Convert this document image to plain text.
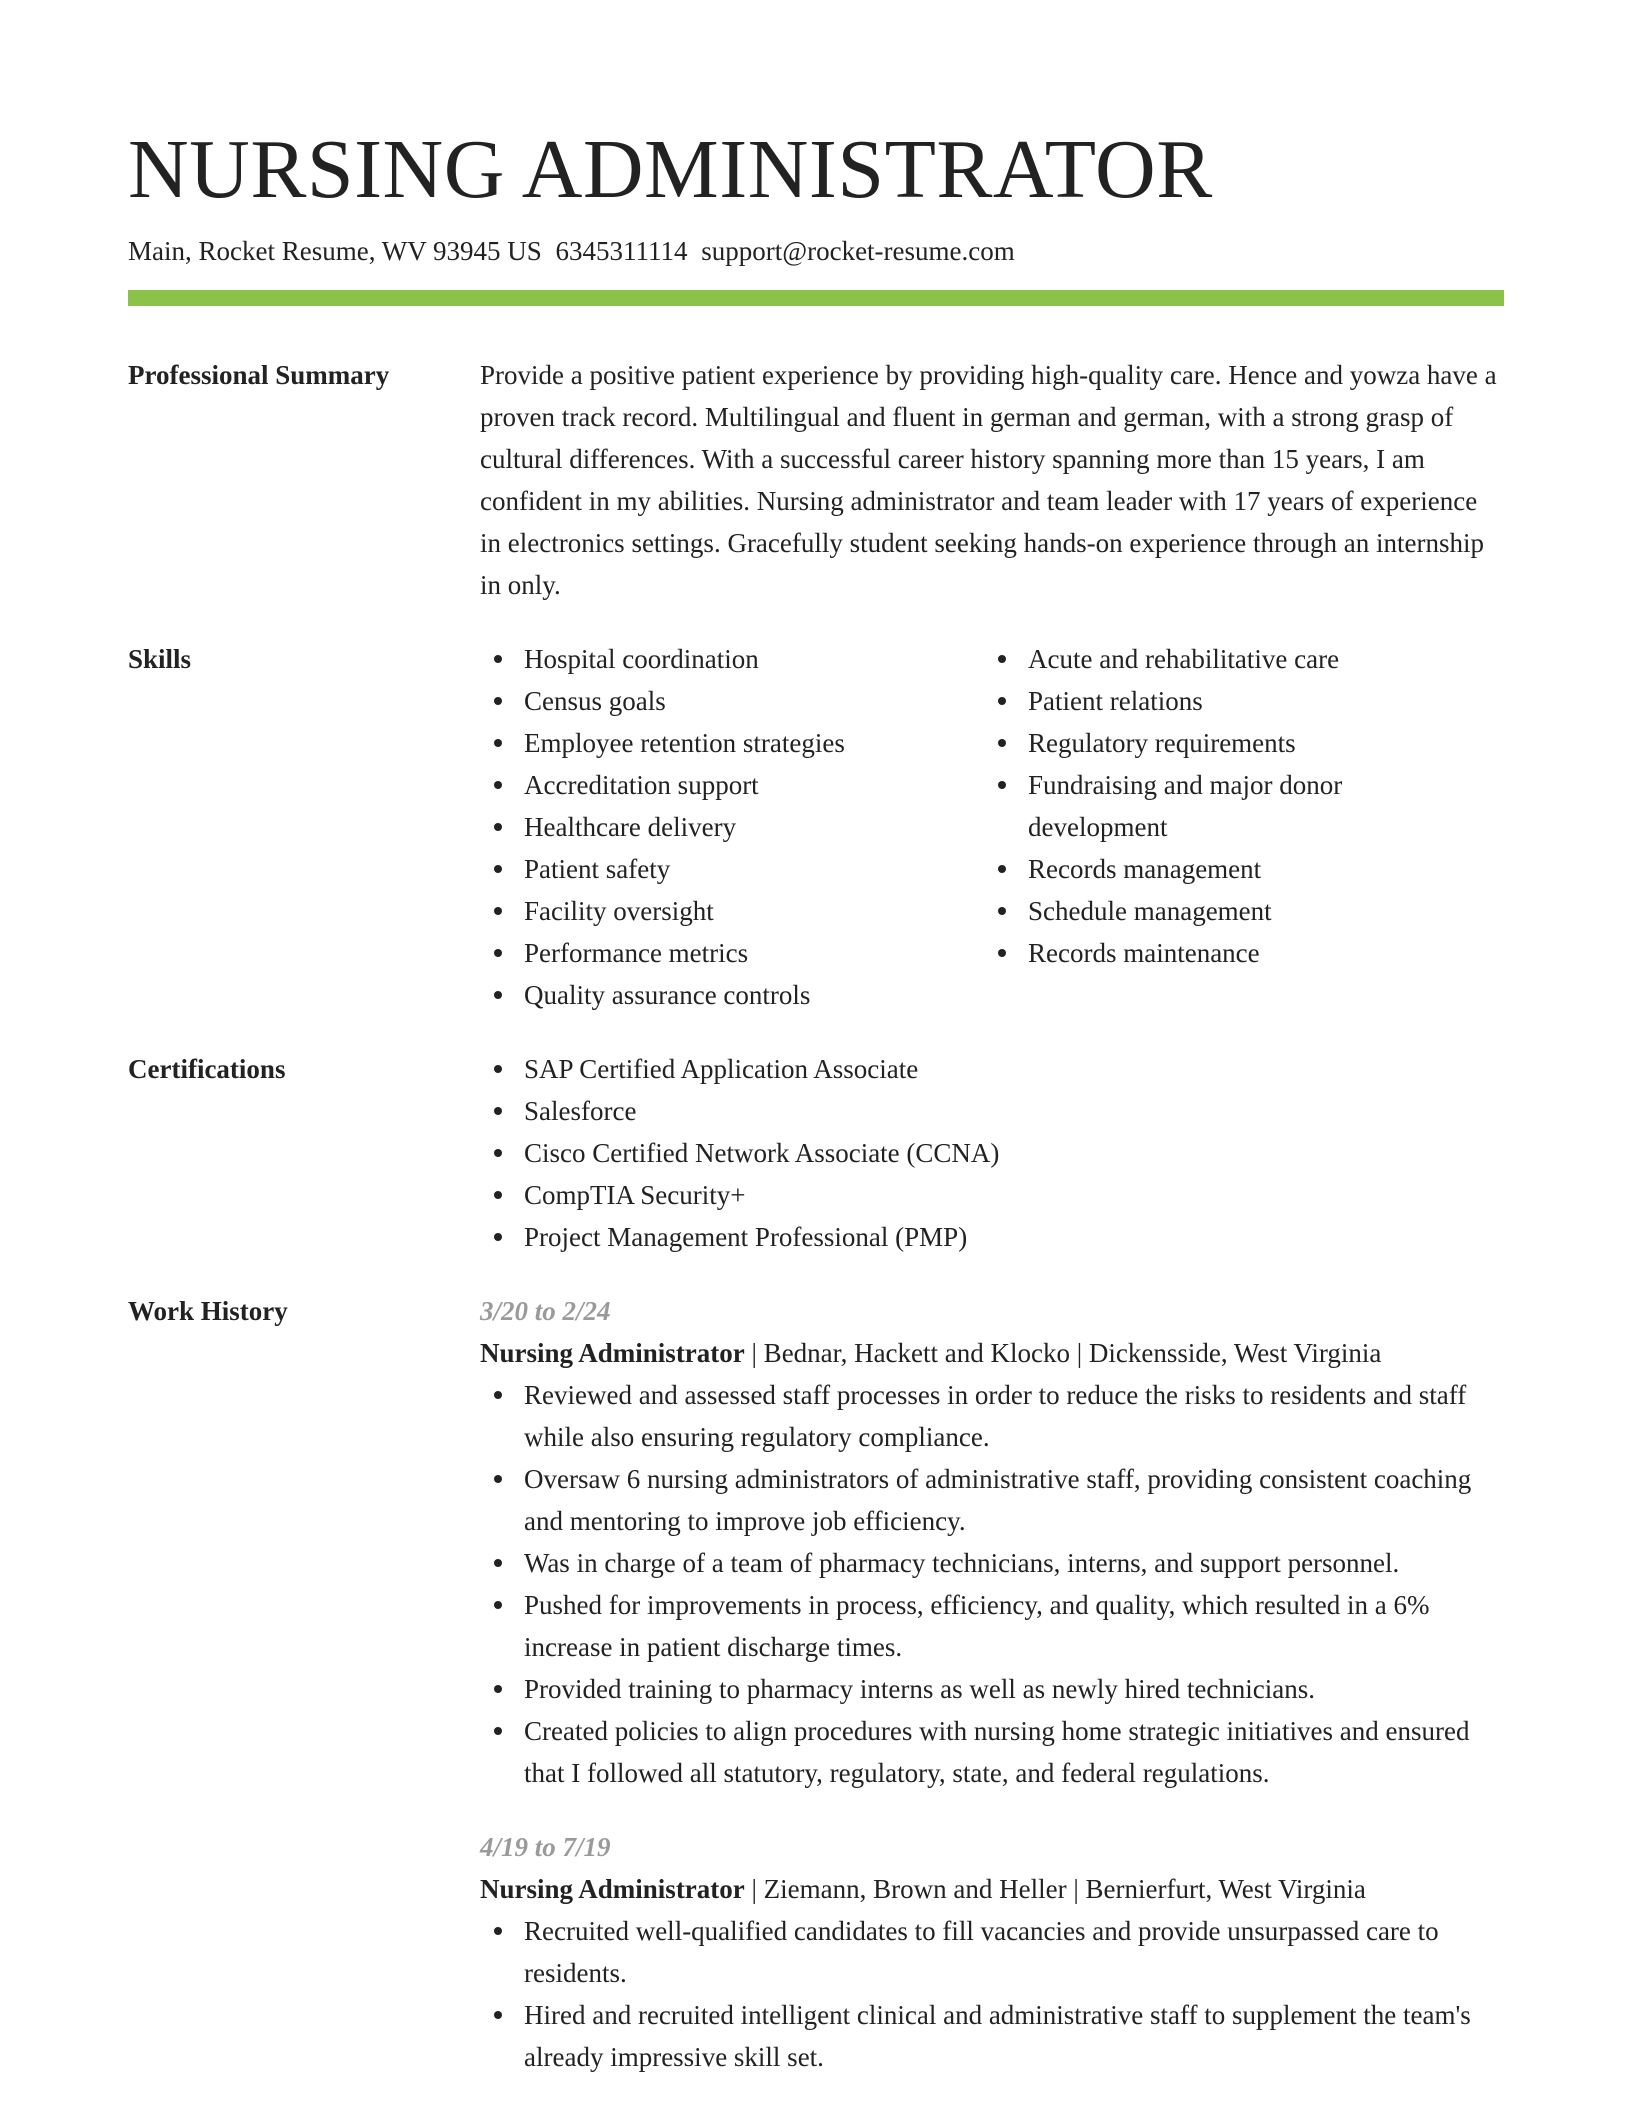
NURSING ADMINISTRATOR
Main, Rocket Resume, WV 93945 US 6345311114 support@rocket-resume.com
Professional Summary	Provide a positive patient experience by providing high-quality care. Hence and yowza have a proven track record. Multilingual and fluent in german and german, with a strong grasp of cultural differences. With a successful career history spanning more than 15 years, I am confident in my abilities. Nursing administrator and team leader with 17 years of experience in electronics settings. Gracefully student seeking hands-on experience through an internship in only.
Skills	Hospital coordination
Census goals
Employee retention strategies
Accreditation support
Healthcare delivery
Patient safety
Facility oversight
Performance metrics
Quality assurance controls
Acute and rehabilitative care
Patient relations
Regulatory requirements
Fundraising and major donor development
Records management
Schedule management
Records maintenance
Certifications	SAP Certified Application Associate
Salesforce
Cisco Certified Network Associate (CCNA)
CompTIA Security+
Project Management Professional (PMP)
Work History	3/20 to 2/24
Nursing Administrator | Bednar, Hackett and Klocko | Dickensside, West Virginia
Reviewed and assessed staff processes in order to reduce the risks to residents and staff while also ensuring regulatory compliance.
Oversaw 6 nursing administrators of administrative staff, providing consistent coaching and mentoring to improve job efficiency.
Was in charge of a team of pharmacy technicians, interns, and support personnel.
Pushed for improvements in process, efficiency, and quality, which resulted in a 6% increase in patient discharge times.
Provided training to pharmacy interns as well as newly hired technicians.
Created policies to align procedures with nursing home strategic initiatives and ensured that I followed all statutory, regulatory, state, and federal regulations.
4/19 to 7/19
Nursing Administrator | Ziemann, Brown and Heller | Bernierfurt, West Virginia
Recruited well-qualified candidates to fill vacancies and provide unsurpassed care to residents.
Hired and recruited intelligent clinical and administrative staff to supplement the team's already impressive skill set.
